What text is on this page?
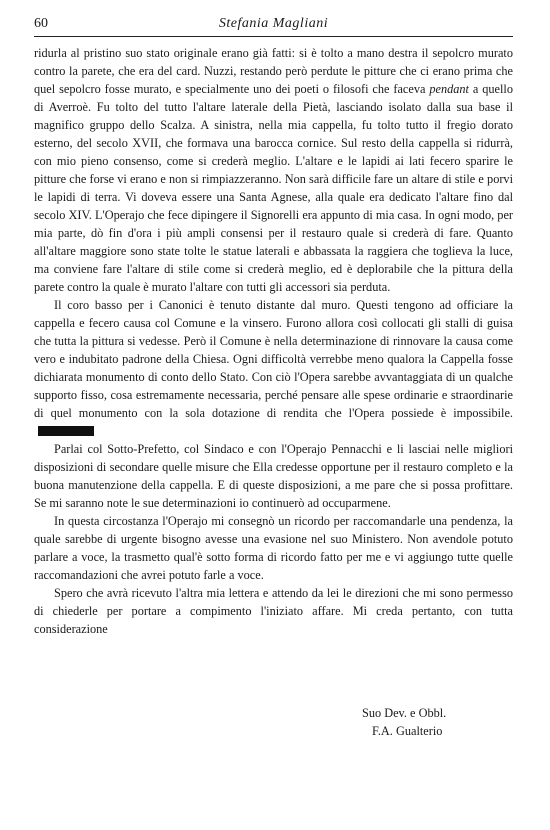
60	Stefania Magliani

ridurla al pristino suo stato originale erano già fatti: si è tolto a mano destra il sepolcro murato contro la parete, che era del card. Nuzzi, restando però perdute le pitture che ci erano prima che quel sepolcro fosse murato, e specialmente uno dei poeti o filosofi che faceva pendant a quello di Averroè. Fu tolto del tutto l'altare laterale della Pietà, lasciando isolato dalla sua base il magnifico gruppo dello Scalza. A sinistra, nella mia cappella, fu tolto tutto il fregio dorato esterno, del secolo XVII, che formava una barocca cornice. Sul resto della cappella si ridurrà, con mio pieno consenso, come si crederà meglio. L'altare e le lapidi ai lati fecero sparire le pitture che forse vi erano e non si rimpiazzeranno. Non sarà difficile fare un altare di stile e porvi le lapidi di terra. Vi doveva essere una Santa Agnese, alla quale era dedicato l'altare fino dal secolo XIV. L'Operajo che fece dipingere il Signorelli era appunto di mia casa. In ogni modo, per mia parte, dò fin d'ora i più ampli consensi per il restauro quale si crederà di fare. Quanto all'altare maggiore sono state tolte le statue laterali e abbassata la raggiera che toglieva la luce, ma conviene fare l'altare di stile come si crederà meglio, ed è deplorabile che la pittura della parete contro la quale è murato l'altare con tutti gli accessori sia perduta.

Il coro basso per i Canonici è tenuto distante dal muro. Questi tengono ad officiare la cappella e fecero causa col Comune e la vinsero. Furono allora così collocati gli stalli di guisa che tutta la pittura si vedesse. Però il Comune è nella determinazione di rinnovare la causa come vero e indubitato padrone della Chiesa. Ogni difficoltà verrebbe meno qualora la Cappella fosse dichiarata monumento di conto dello Stato. Con ciò l'Opera sarebbe avvantaggiata di un qualche supporto fisso, cosa estremamente necessaria, perché pensare alle spese ordinarie e straordinarie di quel monumento con la sola dotazione di rendita che l'Opera possiede è impossibile.

Parlai col Sotto-Prefetto, col Sindaco e con l'Operajo Pennacchi e li lasciai nelle migliori disposizioni di secondare quelle misure che Ella credesse opportune per il restauro completo e la buona manutenzione della cappella. E di queste disposizioni, a me pare che si possa profittare. Se mi saranno note le sue determinazioni io continuerò ad occuparmene.

In questa circostanza l'Operajo mi consegnò un ricordo per raccomandarle una pendenza, la quale sarebbe di urgente bisogno avesse una evasione nel suo Ministero. Non avendole potuto parlare a voce, la trasmetto qual'è sotto forma di ricordo fatto per me e vi aggiungo tutte quelle raccomandazioni che avrei potuto farle a voce.

Spero che avrà ricevuto l'altra mia lettera e attendo da lei le direzioni che mi sono permesso di chiederle per portare a compimento l'iniziato affare. Mi creda pertanto, con tutta considerazione

Suo Dev. e Obbl.
F.A. Gualterio
